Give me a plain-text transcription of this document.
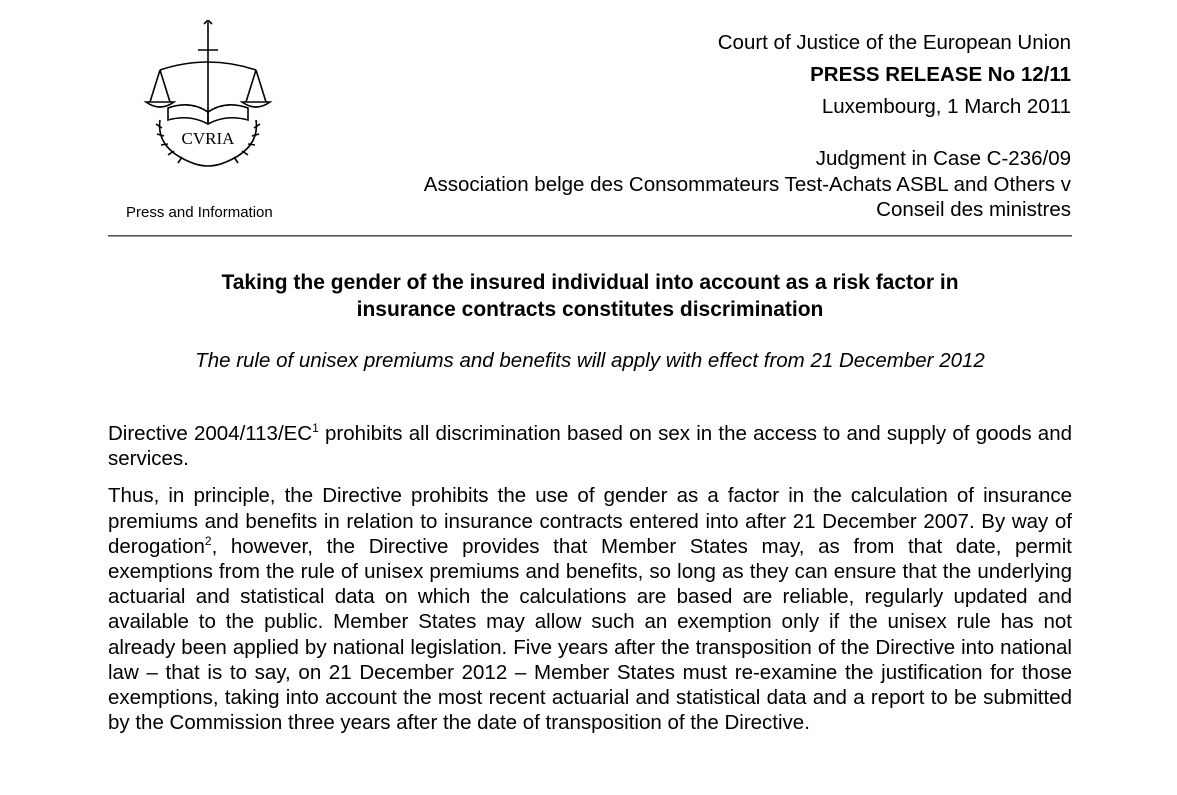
CVRIA
Press and Information
Court of Justice of the European Union
PRESS RELEASE No 12/11
Luxembourg, 1 March 2011
Judgment in Case C-236/09
Association belge des Consommateurs Test-Achats ASBL and Others v
Conseil des ministres
Taking the gender of the insured individual into account as a risk factor in
insurance contracts constitutes discrimination
The rule of unisex premiums and benefits will apply with effect from 21 December 2012

Directive $2004/113/EC^1$ prohibits all discrimination based on sex in the access to and supply of goods and services.

Thus, in principle, the Directive prohibits the use of gender as a factor in the calculation of insurance premiums and benefits in relation to insurance contracts entered into after 21 December 2007. By way of derogation$^2$, however, the Directive provides that Member States may, as from that date, permit exemptions from the rule of unisex premiums and benefits, so long as they can ensure that the underlying actuarial and statistical data on which the calculations are based are reliable, regularly updated and available to the public. Member States may allow such an exemption only if the unisex rule has not already been applied by national legislation. Five years after the transposition of the Directive into national law – that is to say, on 21 December 2012 – Member States must re-examine the justification for those exemptions, taking into account the most recent actuarial and statistical data and a report to be submitted by the Commission three years after the date of transposition of the Directive.
